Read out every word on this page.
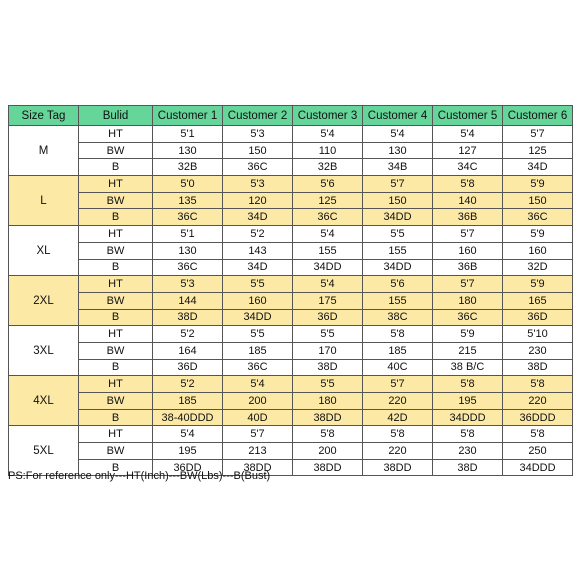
Size Tag	Bulid	Customer 1	Customer 2	Customer 3	Customer 4	Customer 5	Customer 6
M	HT	5'1	5'3	5'4	5'4	5'4	5'7
	BW	130	150	110	130	127	125
	B	32B	36C	32B	34B	34C	34D
L	HT	5'0	5'3	5'6	5'7	5'8	5'9
	BW	135	120	125	150	140	150
	B	36C	34D	36C	34DD	36B	36C
XL	HT	5'1	5'2	5'4	5'5	5'7	5'9
	BW	130	143	155	155	160	160
	B	36C	34D	34DD	34DD	36B	32D
2XL	HT	5'3	5'5	5'4	5'6	5'7	5'9
	BW	144	160	175	155	180	165
	B	38D	34DD	36D	38C	36C	36D
3XL	HT	5'2	5'5	5'5	5'8	5'9	5'10
	BW	164	185	170	185	215	230
	B	36D	36C	38D	40C	38 B/C	38D
4XL	HT	5'2	5'4	5'5	5'7	5'8	5'8
	BW	185	200	180	220	195	220
	B	38-40DDD	40D	38DD	42D	34DDD	36DDD
5XL	HT	5'4	5'7	5'8	5'8	5'8	5'8
	BW	195	213	200	220	230	250
	B	36DD	38DD	38DD	38DD	38D	34DDD
PS:For reference only---HT(Inch)---BW(Lbs)---B(Bust)
